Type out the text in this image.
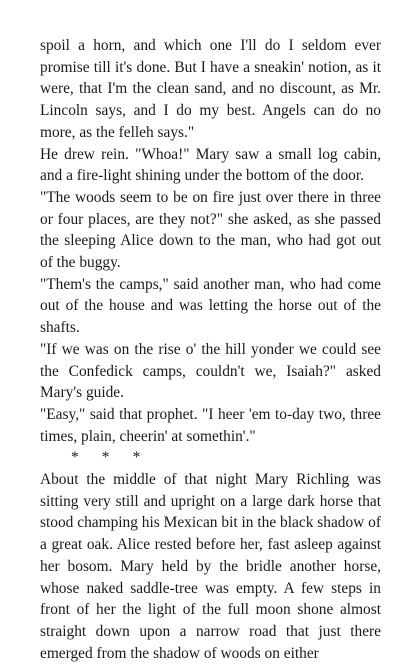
spoil a horn, and which one I'll do I seldom ever promise till it's done. But I have a sneakin' notion, as it were, that I'm the clean sand, and no discount, as Mr. Lincoln says, and I do my best. Angels can do no more, as the felleh says."

He drew rein. "Whoa!" Mary saw a small log cabin, and a fire-light shining under the bottom of the door.

"The woods seem to be on fire just over there in three or four places, are they not?" she asked, as she passed the sleeping Alice down to the man, who had got out of the buggy.

"Them's the camps," said another man, who had come out of the house and was letting the horse out of the shafts.

"If we was on the rise o' the hill yonder we could see the Confedick camps, couldn't we, Isaiah?" asked Mary's guide.

"Easy," said that prophet. "I heer 'em to-day two, three times, plain, cheerin' at somethin'."

*      *      *

About the middle of that night Mary Richling was sitting very still and upright on a large dark horse that stood champing his Mexican bit in the black shadow of a great oak. Alice rested before her, fast asleep against her bosom. Mary held by the bridle another horse, whose naked saddle-tree was empty. A few steps in front of her the light of the full moon shone almost straight down upon a narrow road that just there emerged from the shadow of woods on either
